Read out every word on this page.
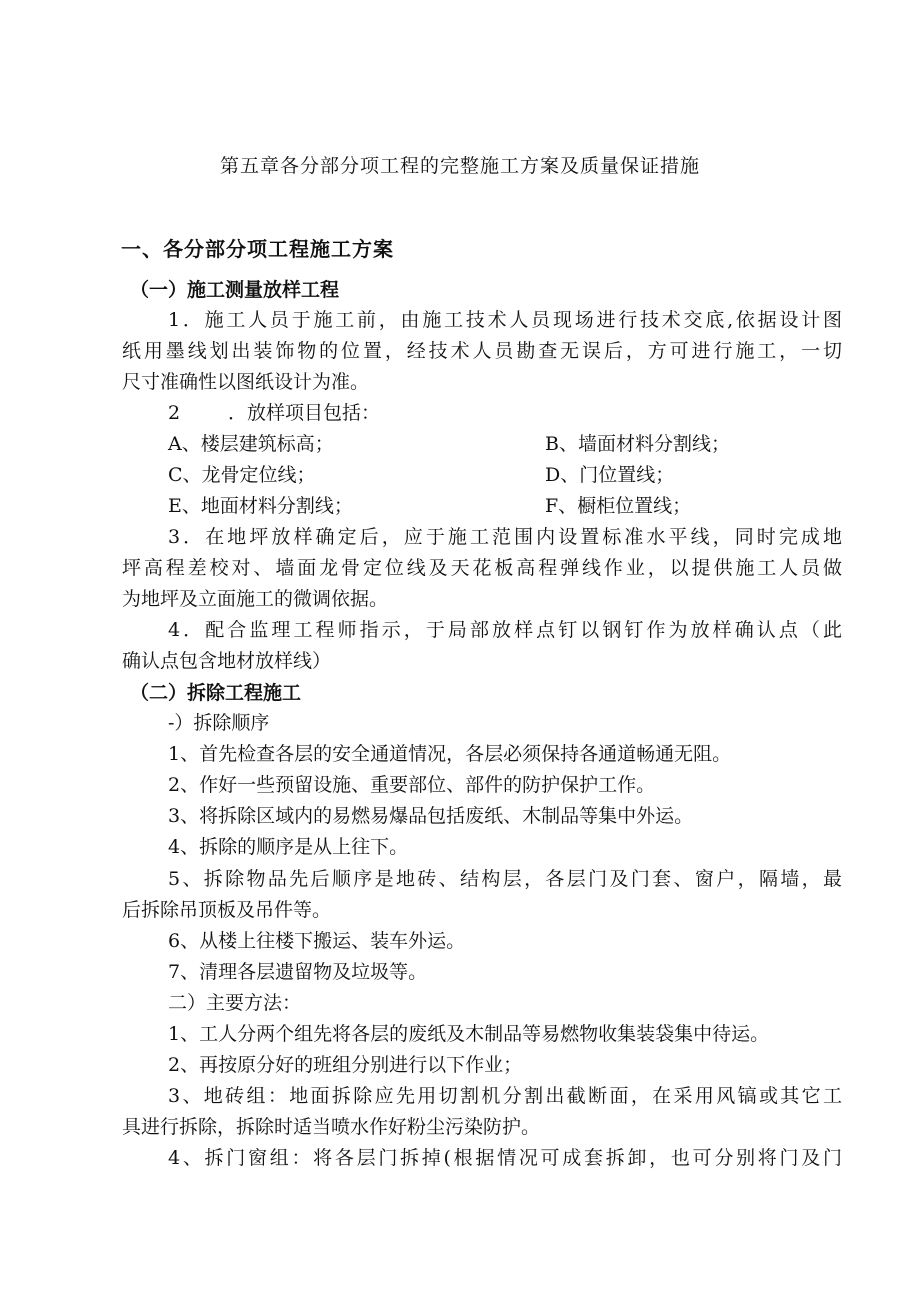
第五章各分部分项工程的完整施工方案及质量保证措施
一、各分部分项工程施工方案
（一）施工测量放样工程
1．施工人员于施工前，由施工技术人员现场进行技术交底,依据设计图
纸用墨线划出装饰物的位置，经技术人员勘查无误后，方可进行施工，一切
尺寸准确性以图纸设计为准。
2	．放样项目包括：
A、楼层建筑标高；	B、墙面材料分割线；
C、龙骨定位线；	D、门位置线；
E、地面材料分割线；	F、橱柜位置线；
3．在地坪放样确定后，应于施工范围内设置标准水平线，同时完成地
坪高程差校对、墙面龙骨定位线及天花板高程弹线作业，以提供施工人员做
为地坪及立面施工的微调依据。
4．配合监理工程师指示，于局部放样点钉以钢钉作为放样确认点（此
确认点包含地材放样线）
（二）拆除工程施工
-）拆除顺序
1、首先检查各层的安全通道情况，各层必须保持各通道畅通无阻。
2、作好一些预留设施、重要部位、部件的防护保护工作。
3、将拆除区域内的易燃易爆品包括废纸、木制品等集中外运。
4、拆除的顺序是从上往下。
5、拆除物品先后顺序是地砖、结构层，各层门及门套、窗户，隔墙，最
后拆除吊顶板及吊件等。
6、从楼上往楼下搬运、装车外运。
7、清理各层遗留物及垃圾等。
二）主要方法：
1、工人分两个组先将各层的废纸及木制品等易燃物收集装袋集中待运。
2、再按原分好的班组分别进行以下作业；
3、地砖组：地面拆除应先用切割机分割出截断面，在采用风镐或其它工
具进行拆除，拆除时适当喷水作好粉尘污染防护。
4、拆门窗组：将各层门拆掉(根据情况可成套拆卸，也可分别将门及门
